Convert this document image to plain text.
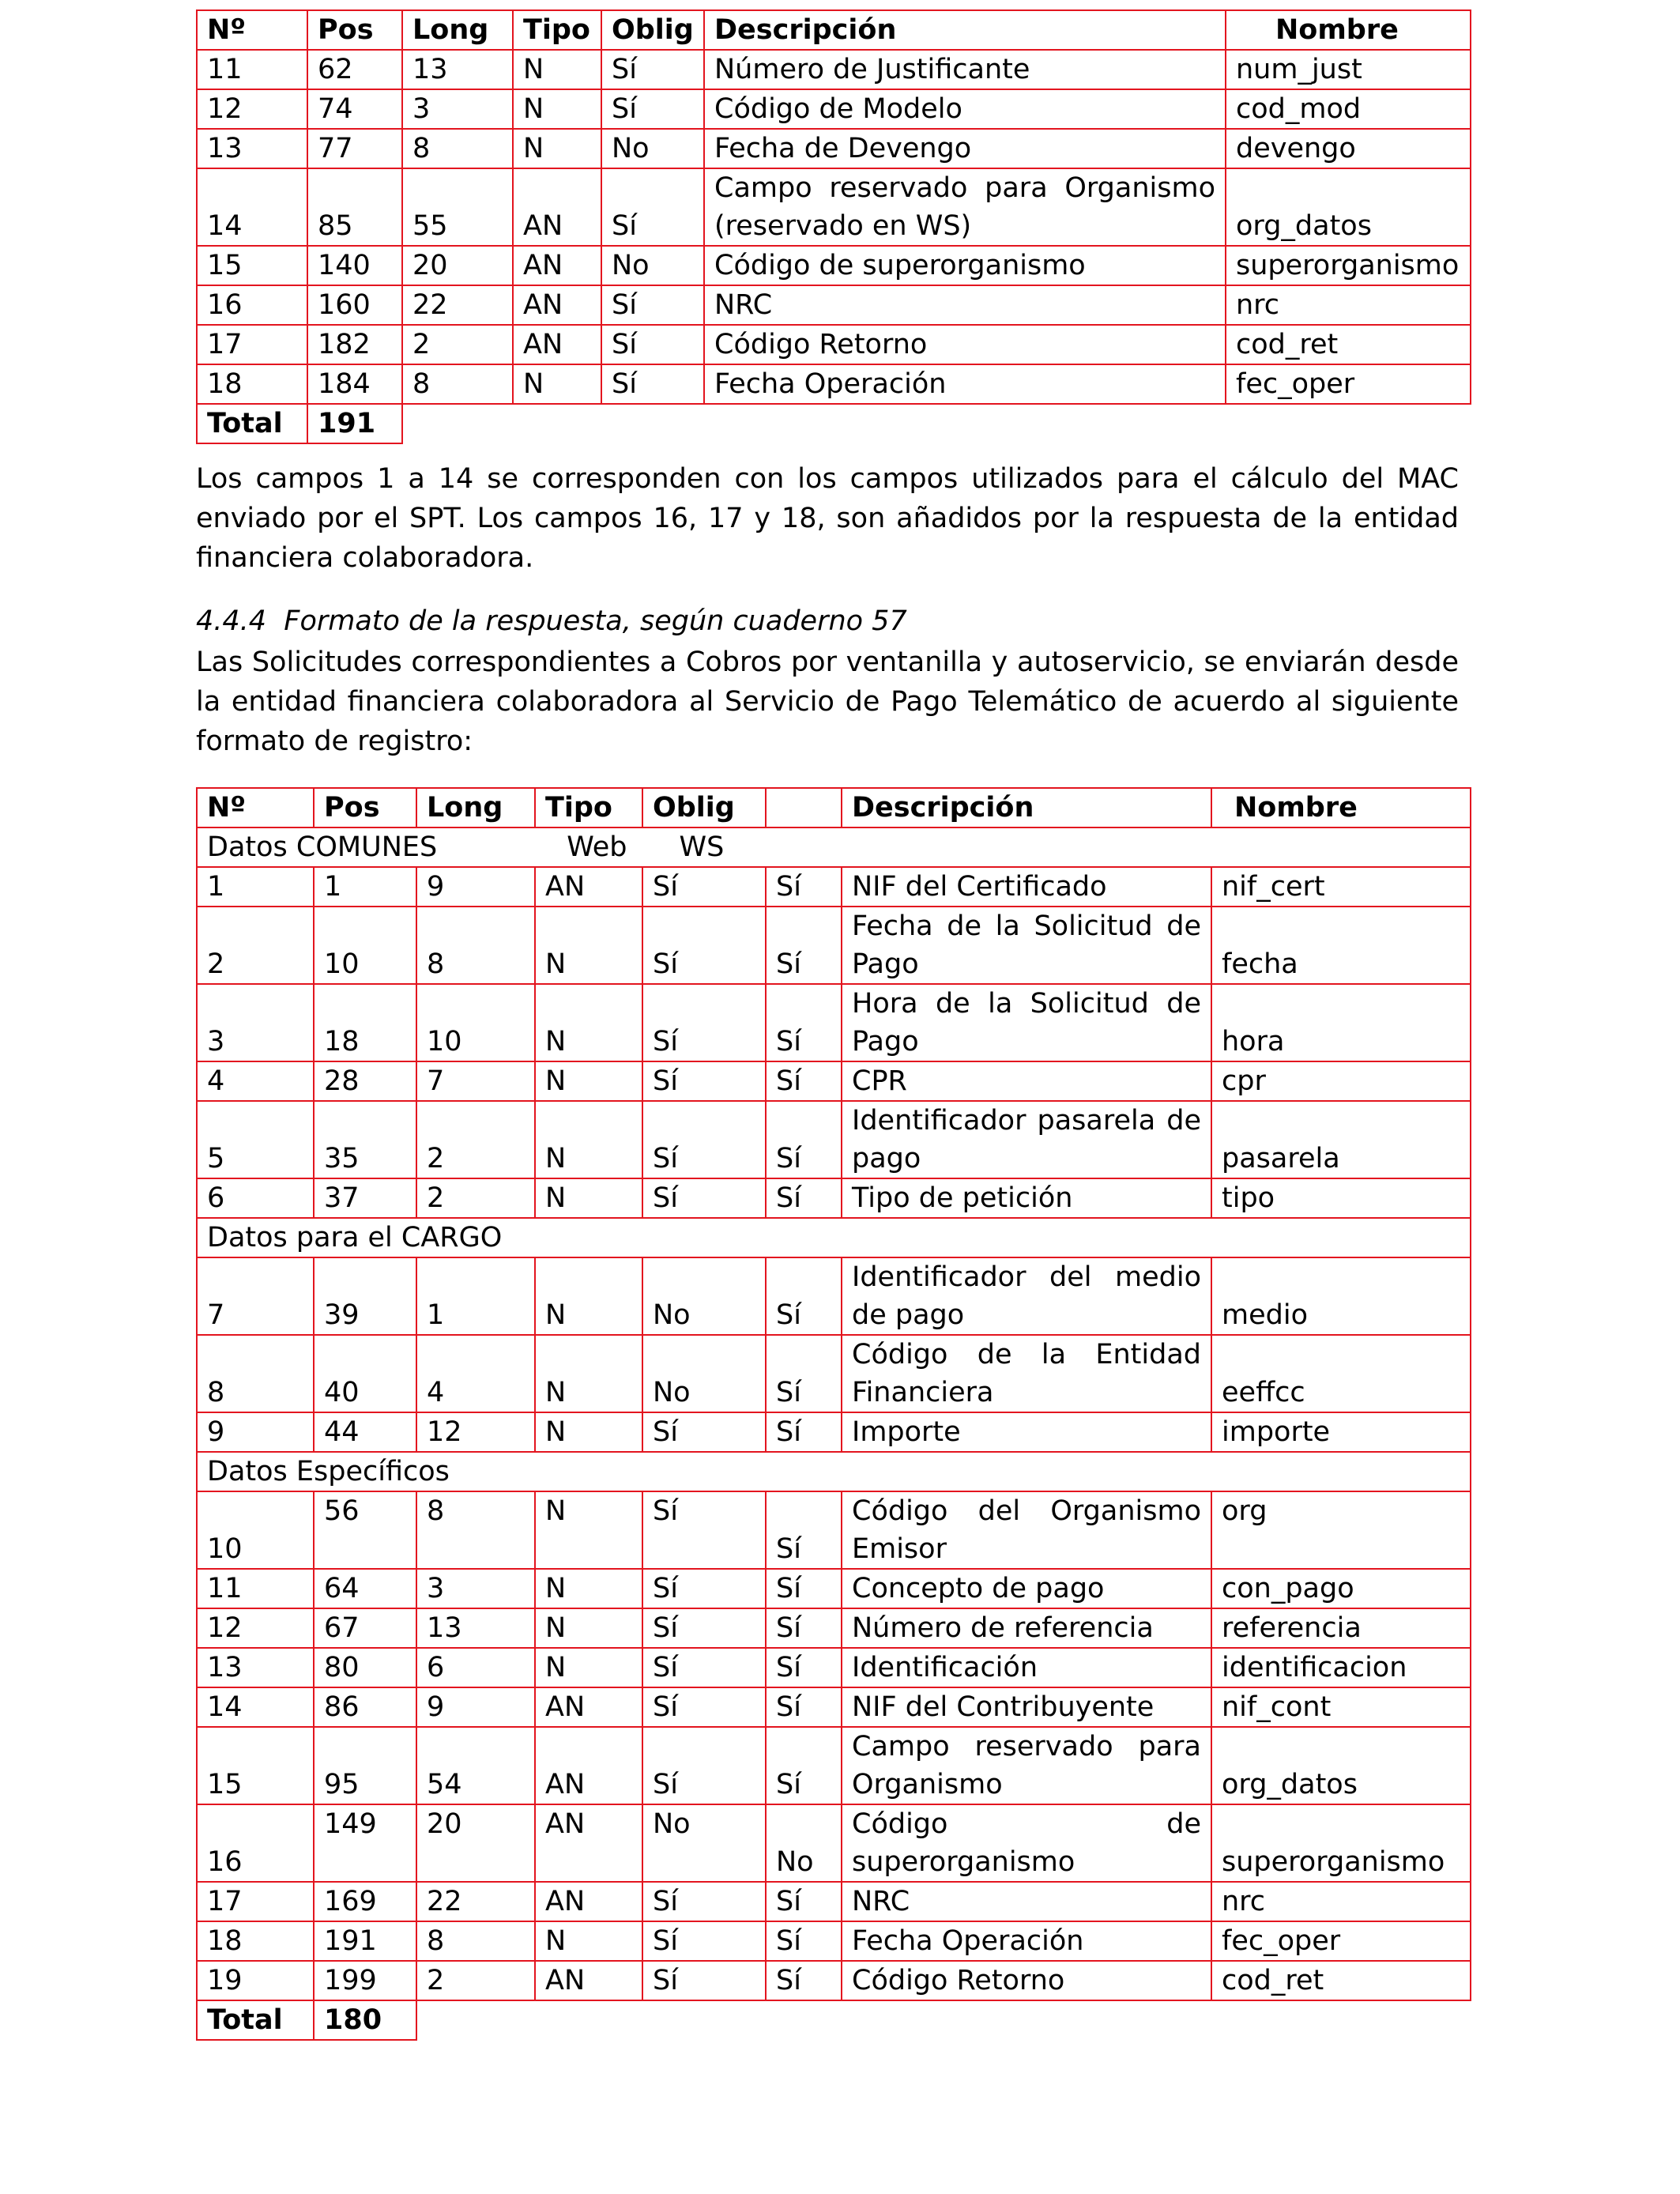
Nº	Pos	Long	Tipo	Oblig	Descripción	Nombre
11	62	13	N	Sí	Número de Justificante	num_just
12	74	3	N	Sí	Código de Modelo	cod_mod
13	77	8	N	No	Fecha de Devengo	devengo
14	85	55	AN	Sí	Campo reservado para Organismo (reservado en WS)	org_datos
15	140	20	AN	No	Código de superorganismo	superorganismo
16	160	22	AN	Sí	NRC	nrc
17	182	2	AN	Sí	Código Retorno	cod_ret
18	184	8	N	Sí	Fecha Operación	fec_oper
Total	191					
Los campos 1 a 14 se corresponden con los campos utilizados para el cálculo del MAC enviado por el SPT. Los campos 16, 17 y 18, son añadidos por la respuesta de la entidad financiera colaboradora.
4.4.4  Formato de la respuesta, según cuaderno 57
Las Solicitudes correspondientes a Cobros por ventanilla y autoservicio, se enviarán desde la entidad financiera colaboradora al Servicio de Pago Telemático de acuerdo al siguiente formato de registro:
Nº	Pos	Long	Tipo	Oblig		Descripción	Nombre
Datos COMUNES Web WS							
1	1	9	AN	Sí	Sí	NIF del Certificado	nif_cert
2	10	8	N	Sí	Sí	Fecha de la Solicitud de Pago	fecha
3	18	10	N	Sí	Sí	Hora de la Solicitud de Pago	hora
4	28	7	N	Sí	Sí	CPR	cpr
5	35	2	N	Sí	Sí	Identificador pasarela de pago	pasarela
6	37	2	N	Sí	Sí	Tipo de petición	tipo
Datos para el CARGO							
7	39	1	N	No	Sí	Identificador del medio de pago	medio
8	40	4	N	No	Sí	Código de la Entidad Financiera	eeffcc
9	44	12	N	Sí	Sí	Importe	importe
Datos Específicos							
10	56	8	N	Sí	Sí	Código del Organismo Emisor	org
11	64	3	N	Sí	Sí	Concepto de pago	con_pago
12	67	13	N	Sí	Sí	Número de referencia	referencia
13	80	6	N	Sí	Sí	Identificación	identificacion
14	86	9	AN	Sí	Sí	NIF del Contribuyente	nif_cont
15	95	54	AN	Sí	Sí	Campo reservado para Organismo	org_datos
16	149	20	AN	No	No	Código de superorganismo	superorganismo
17	169	22	AN	Sí	Sí	NRC	nrc
18	191	8	N	Sí	Sí	Fecha Operación	fec_oper
19	199	2	AN	Sí	Sí	Código Retorno	cod_ret
Total	180						
